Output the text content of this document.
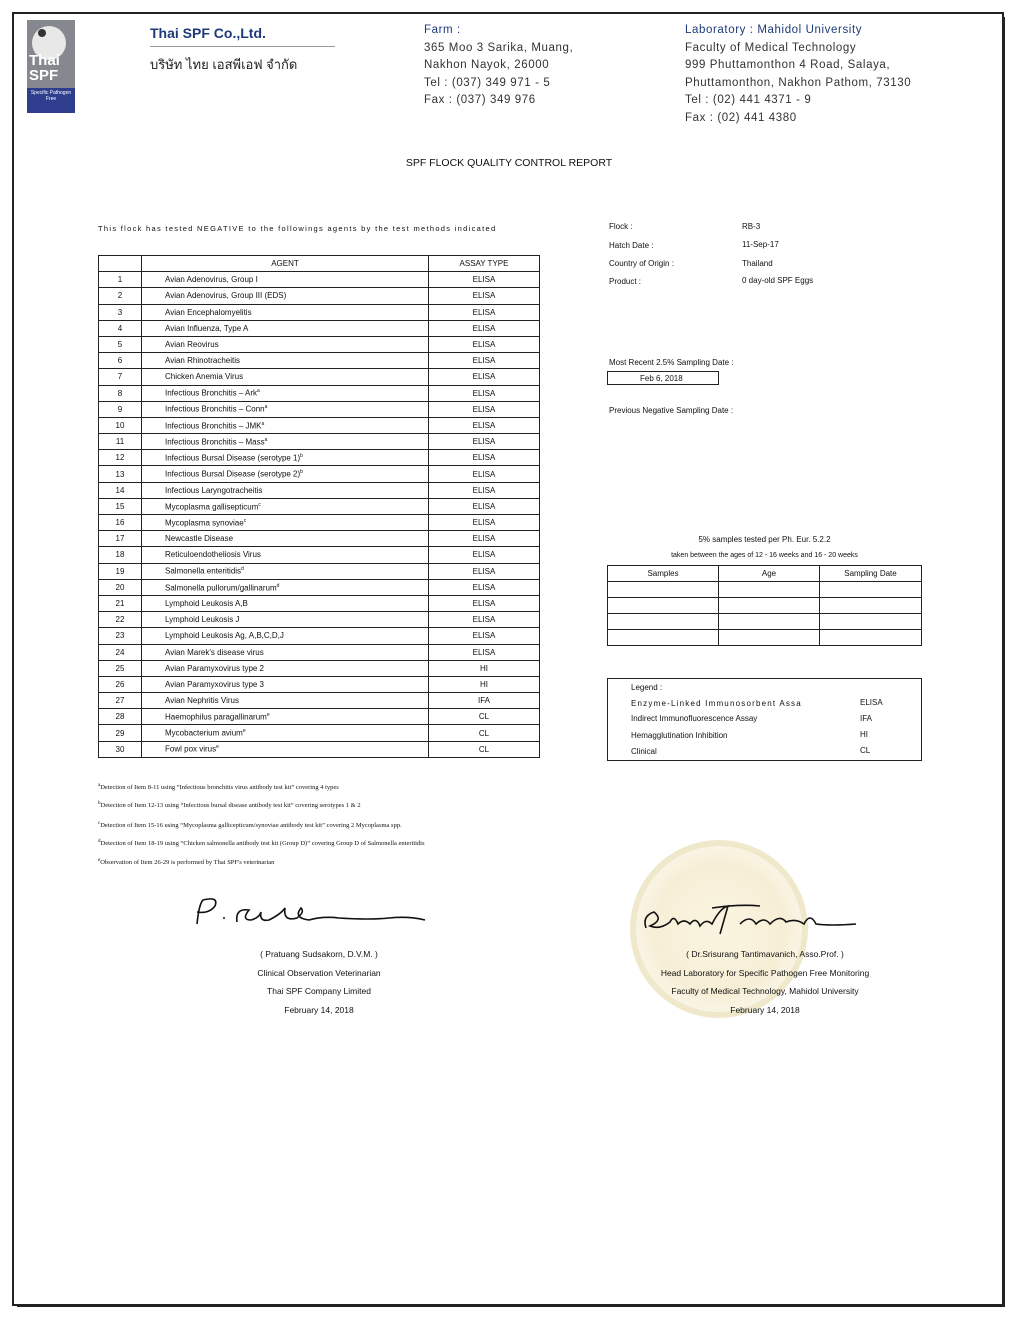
Thai
SPF
Specific Pathogen Free
Thai SPF Co.,Ltd.
บริษัท ไทย เอสพีเอฟ จำกัด
Farm :
365 Moo 3 Sarika, Muang,
Nakhon Nayok, 26000
Tel : (037) 349 971 - 5
Fax : (037) 349 976
Laboratory : Mahidol University
Faculty of Medical Technology
999 Phuttamonthon 4 Road, Salaya,
Phuttamonthon, Nakhon Pathom, 73130
Tel : (02) 441 4371 - 9
Fax : (02) 441 4380
SPF FLOCK QUALITY CONTROL REPORT
This flock has tested NEGATIVE to the followings agents by the test methods indicated
	AGENT	ASSAY TYPE
1	Avian Adenovirus, Group I	ELISA
2	Avian Adenovirus, Group III (EDS)	ELISA
3	Avian Encephalomyelitis	ELISA
4	Avian Influenza, Type A	ELISA
5	Avian Reovirus	ELISA
6	Avian Rhinotracheitis	ELISA
7	Chicken Anemia Virus	ELISA
8	Infectious Bronchitis – Ark$^a$	ELISA
9	Infectious Bronchitis – Conn$^a$	ELISA
10	Infectious Bronchitis – JMK$^a$	ELISA
11	Infectious Bronchitis – Mass$^a$	ELISA
12	Infectious Bursal Disease (serotype 1)$^b$	ELISA
13	Infectious Bursal Disease (serotype 2)$^b$	ELISA
14	Infectious Laryngotracheitis	ELISA
15	Mycoplasma gallisepticum$^c$	ELISA
16	Mycoplasma synoviae$^c$	ELISA
17	Newcastle Disease	ELISA
18	Reticuloendotheliosis Virus	ELISA
19	Salmonella enteritidis$^d$	ELISA
20	Salmonella pullorum/gallinarum$^d$	ELISA
21	Lymphoid Leukosis A,B	ELISA
22	Lymphoid Leukosis J	ELISA
23	Lymphoid Leukosis Ag, A,B,C,D,J	ELISA
24	Avian Marek's disease virus	ELISA
25	Avian Paramyxovirus type 2	HI
26	Avian Paramyxovirus type 3	HI
27	Avian Nephritis Virus	IFA
28	Haemophilus paragallinarum$^e$	CL
29	Mycobacterium avium$^e$	CL
30	Fowl pox virus$^e$	CL
Flock :	RB-3
Hatch Date :	11-Sep-17
Country of Origin :	Thailand
Product :	0 day-old SPF Eggs
Most Recent 2.5% Sampling Date :
Feb 6, 2018
Previous Negative Sampling Date :
5% samples tested per Ph. Eur. 5.2.2
taken between the ages of 12 - 16 weeks and 16 - 20 weeks
Samples	Age	Sampling Date

Legend :
Enzyme-Linked Immunosorbent Assa	ELISA
Indirect Immunofluorescence Assay	IFA
Hemagglutination Inhibition	HI
Clinical	CL
$^a$Detection of Item 8-11 using “Infectious bronchitis virus antibody test kit” covering 4 types
$^b$Detection of Item 12-13 using “Infectious bursal disease antibody test kit” covering serotypes 1 & 2
$^c$Detection of Item 15-16 using “Mycoplasma gallicepticum/synoviae antibody test kit” covering 2 Mycoplasma spp.
$^d$Detection of Item 18-19 using “Chicken salmonella antibody test kit (Group D)” covering Group D of Salmonella enteritidis
$^e$Observation of Item 26-29 is performed by Thai SPF's veterinarian
( Pratuang Sudsakorn, D.V.M. )
Clinical Observation Veterinarian
Thai SPF Company Limited
February 14, 2018
( Dr.Srisurang Tantimavanich, Asso.Prof. )
Head Laboratory for Specific Pathogen Free Monitoring
Faculty of Medical Technology, Mahidol University
February 14, 2018
